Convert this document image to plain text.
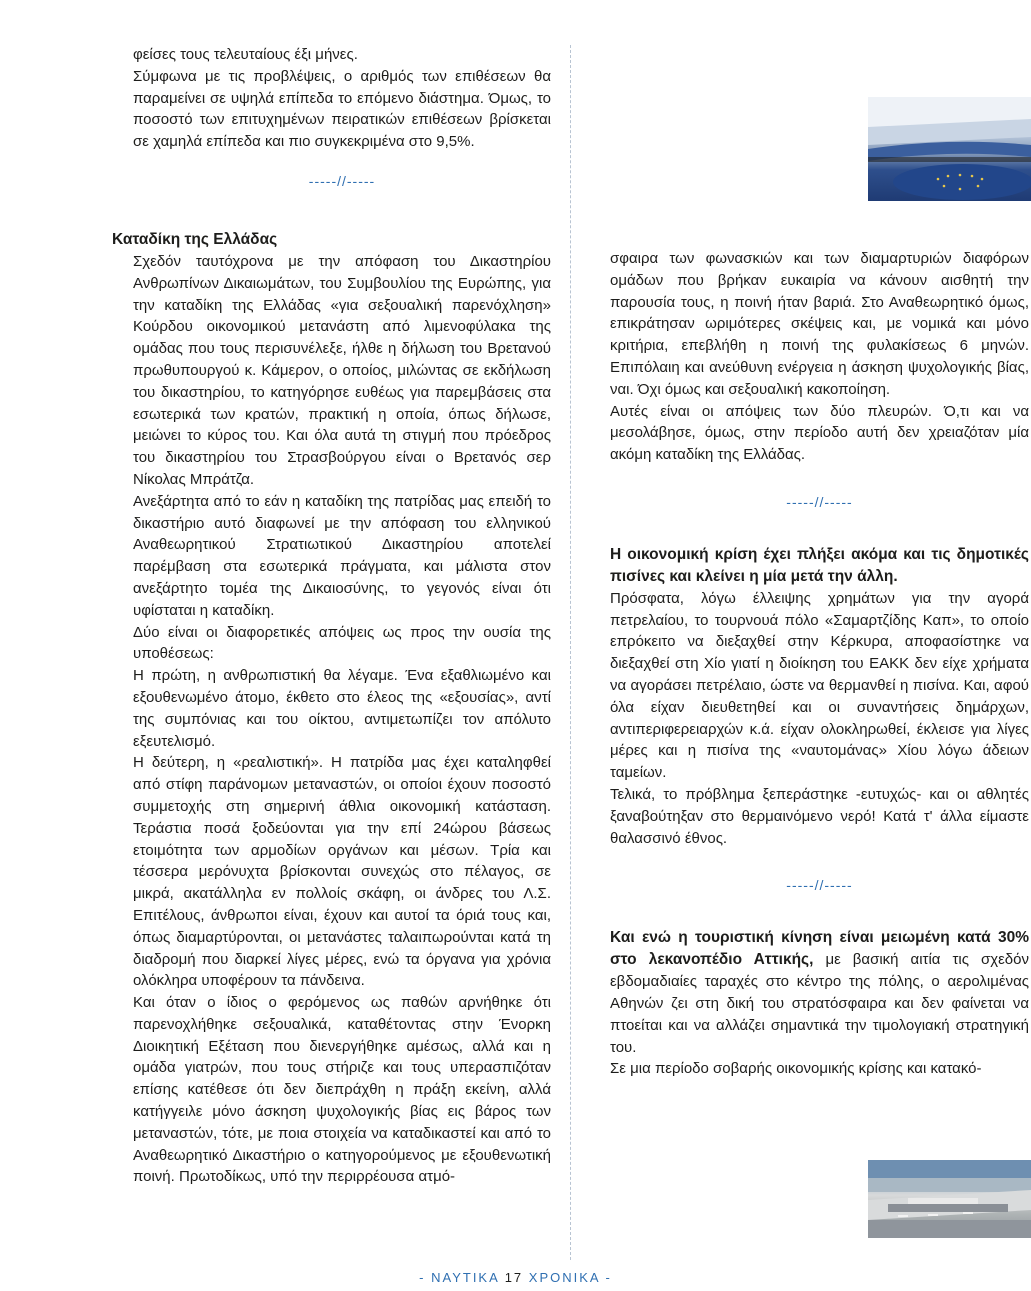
φείσες τους τελευταίους έξι μήνες.

Σύμφωνα με τις προβλέψεις, ο αριθμός των επιθέσεων θα παραμείνει σε υψηλά επίπεδα το επόμενο διάστημα. Όμως, το ποσοστό των επιτυχημένων πειρατικών επιθέσεων βρίσκεται σε χαμηλά επίπεδα και πιο συγκεκριμένα στο 9,5%.

-----//-----
Καταδίκη της Ελλάδας

Σχεδόν ταυτόχρονα με την απόφαση του Δικαστηρίου Ανθρωπίνων Δικαιωμάτων, του Συμβουλίου της Ευρώπης, για την καταδίκη της Ελλάδας «για σεξουαλική παρενόχληση» Κούρδου οικονομικού μετανάστη από λιμενοφύλακα της ομάδας που τους περισυνέλεξε, ήλθε η δήλωση του Βρετανού πρωθυπουργού κ. Κάμερον, ο οποίος, μιλώντας σε εκδήλωση του δικαστηρίου, το κατηγόρησε ευθέως για παρεμβάσεις στα εσωτερικά των κρατών, πρακτική η οποία, όπως δήλωσε, μειώνει το κύρος του. Και όλα αυτά τη στιγμή που πρόεδρος του δικαστηρίου του Στρασβούργου είναι ο Βρετανός σερ Νίκολας Μπράτζα.

Ανεξάρτητα από το εάν η καταδίκη της πατρίδας μας επειδή το δικαστήριο αυτό διαφωνεί με την απόφαση του ελληνικού Αναθεωρητικού Στρατιωτικού Δικαστηρίου αποτελεί παρέμβαση στα εσωτερικά πράγματα, και μάλιστα στον ανεξάρτητο τομέα της Δικαιοσύνης, το γεγονός είναι ότι υφίσταται η καταδίκη.

Δύο είναι οι διαφορετικές απόψεις ως προς την ουσία της υποθέσεως:

Η πρώτη, η ανθρωπιστική θα λέγαμε. Ένα εξαθλιωμένο και εξουθενωμένο άτομο, έκθετο στο έλεος της «εξουσίας», αντί της συμπόνιας και του οίκτου, αντιμετωπίζει τον απόλυτο εξευτελισμό.

Η δεύτερη, η «ρεαλιστική». Η πατρίδα μας έχει καταληφθεί από στίφη παράνομων μεταναστών, οι οποίοι έχουν ποσοστό συμμετοχής στη σημερινή άθλια οικονομική κατάσταση. Τεράστια ποσά ξοδεύονται για την επί 24ώρου βάσεως ετοιμότητα των αρμοδίων οργάνων και μέσων. Τρία και τέσσερα μερόνυχτα βρίσκονται συνεχώς στο πέλαγος, σε μικρά, ακατάλληλα εν πολλοίς σκάφη, οι άνδρες του Λ.Σ. Επιτέλους, άνθρωποι είναι, έχουν και αυτοί τα όριά τους και, όπως διαμαρτύρονται, οι μετανάστες ταλαιπωρούνται κατά τη διαδρομή που διαρκεί λίγες μέρες, ενώ τα όργανα για χρόνια ολόκληρα υποφέρουν τα πάνδεινα.

Και όταν ο ίδιος ο φερόμενος ως παθών αρνήθηκε ότι παρενοχλήθηκε σεξουαλικά, καταθέτοντας στην Ένορκη Διοικητική Εξέταση που διενεργήθηκε αμέσως, αλλά και η ομάδα γιατρών, που τους στήριζε και τους υπερασπιζόταν επίσης κατέθεσε ότι δεν διεπράχθη η πράξη εκείνη, αλλά κατήγγειλε μόνο άσκηση ψυχολογικής βίας εις βάρος των μεταναστών, τότε, με ποια στοιχεία να καταδικαστεί και από το Αναθεωρητικό Δικαστήριο ο κατηγορούμενος με εξουθενωτική ποινή. Πρωτοδίκως, υπό την περιρρέουσα ατμό-

σφαιρα των φωνασκιών και των διαμαρτυριών διαφόρων ομάδων που βρήκαν ευκαιρία να κάνουν αισθητή την παρουσία τους, η ποινή ήταν βαριά. Στο Αναθεωρητικό όμως, επικράτησαν ωριμότερες σκέψεις και, με νομικά και μόνο κριτήρια, επεβλήθη η ποινή της φυλακίσεως 6 μηνών. Επιπόλαιη και ανεύθυνη ενέργεια η άσκηση ψυχολογικής βίας, ναι. Όχι όμως και σεξουαλική κακοποίηση.

Αυτές είναι οι απόψεις των δύο πλευρών. Ό,τι και να μεσολάβησε, όμως, στην περίοδο αυτή δεν χρειαζόταν μία ακόμη καταδίκη της Ελλάδας.

-----//-----

Η οικονομική κρίση έχει πλήξει ακόμα και τις δημοτικές πισίνες και κλείνει η μία μετά την άλλη.

Πρόσφατα, λόγω έλλειψης χρημάτων για την αγορά πετρελαίου, το τουρνουά πόλο «Σαμαρτζίδης Καπ», το οποίο επρόκειτο να διεξαχθεί στην Κέρκυρα, αποφασίστηκε να διεξαχθεί στη Χίο γιατί η διοίκηση του ΕΑΚΚ δεν είχε χρήματα να αγοράσει πετρέλαιο, ώστε να θερμανθεί η πισίνα. Και, αφού όλα είχαν διευθετηθεί και οι συναντήσεις δημάρχων, αντιπεριφερειαρχών κ.ά. είχαν ολοκληρωθεί, έκλεισε για λίγες μέρες και η πισίνα της «ναυτομάνας» Χίου λόγω άδειων ταμείων.

Τελικά, το πρόβλημα ξεπεράστηκε -ευτυχώς- και οι αθλητές ξαναβούτηξαν στο θερμαινόμενο νερό! Κατά τ' άλλα είμαστε θαλασσινό έθνος.

-----//-----

Και ενώ η τουριστική κίνηση είναι μειωμένη κατά 30% στο λεκανοπέδιο Αττικής, με βασική αιτία τις σχεδόν εβδομαδιαίες ταραχές στο κέντρο της πόλης, ο αερολιμένας Αθηνών ζει στη δική του στρατόσφαιρα και δεν φαίνεται να πτοείται και να αλλάζει σημαντικά την τιμολογιακή στρατηγική του.

Σε μια περίοδο σοβαρής οικονομικής κρίσης και κατακό-

- ΝΑΥΤΙΚΑ 17 ΧΡΟΝΙΚΑ -
